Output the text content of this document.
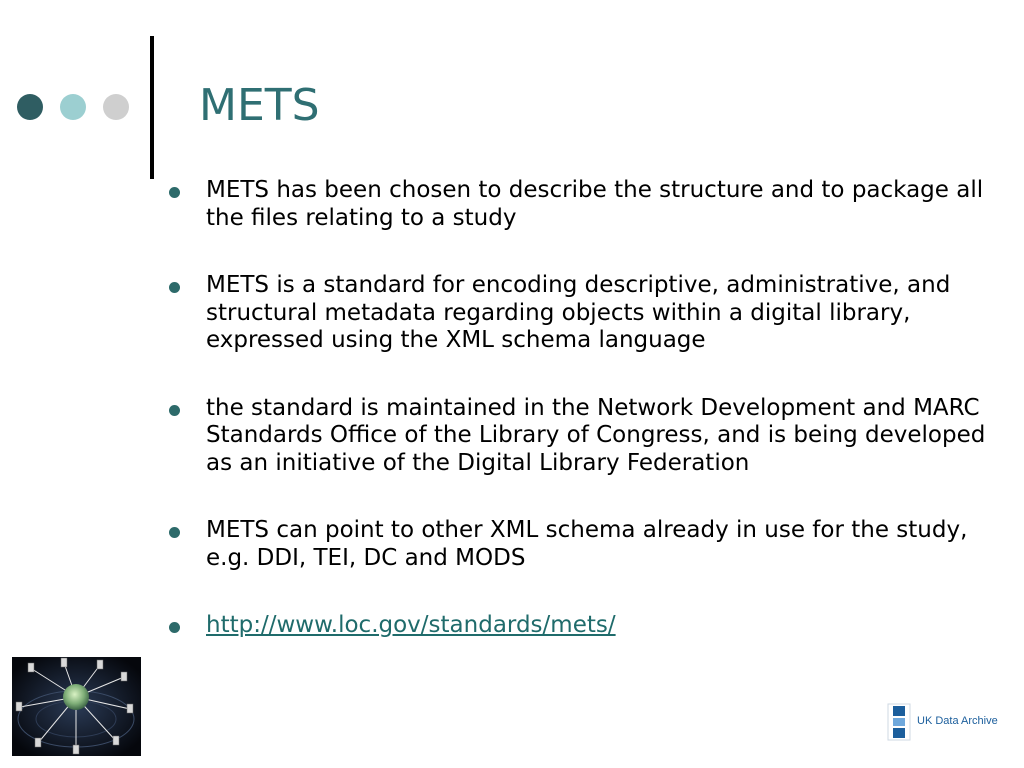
METS
METS has been chosen to describe the structure and to package all the files relating to a study
METS is a standard for encoding descriptive, administrative, and structural metadata regarding objects within a digital library, expressed using the XML schema language
the standard is maintained in the Network Development and MARC Standards Office of the Library of Congress, and is being developed as an initiative of the Digital Library Federation
METS can point to other XML schema already in use for the study, e.g. DDI, TEI, DC and MODS
http://www.loc.gov/standards/mets/
UK Data Archive
